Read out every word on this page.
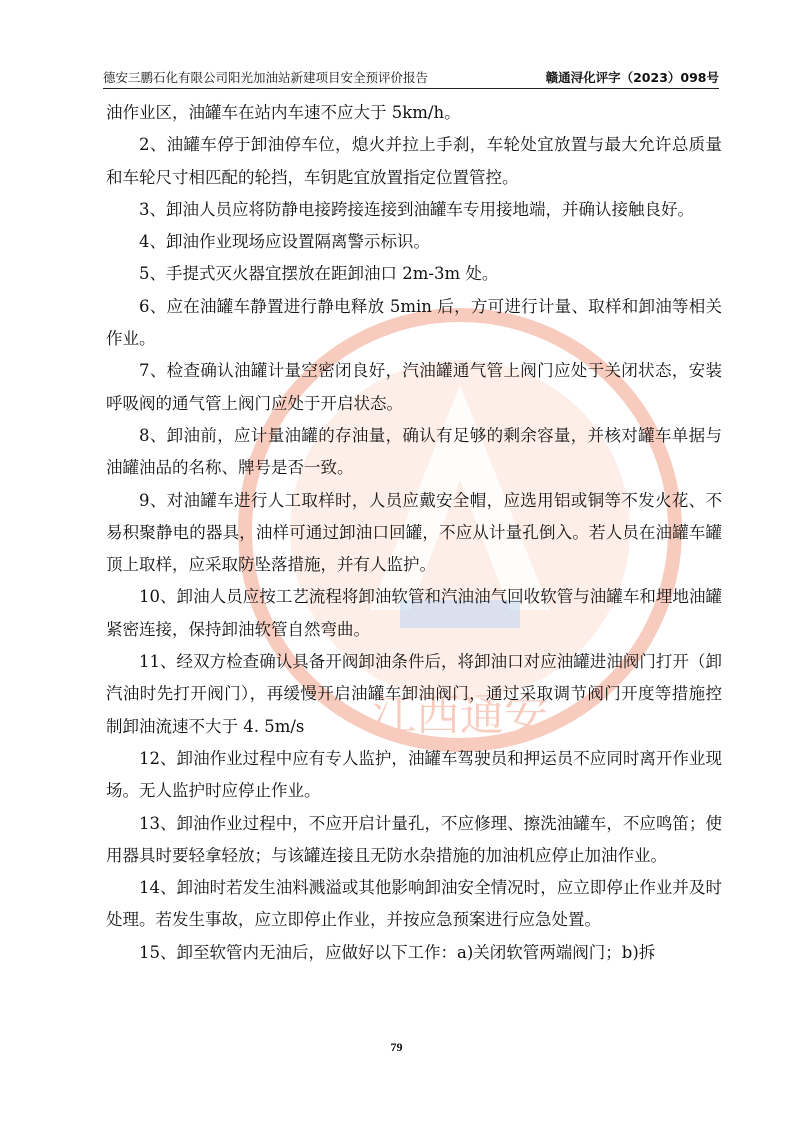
德安三鹏石化有限公司阳光加油站新建项目安全预评价报告	赣通浔化评字（2023）098号
江西通安

油作业区，油罐车在站内车速不应大于 5km/h。

2、油罐车停于卸油停车位，熄火并拉上手刹，车轮处宜放置与最大允许总质量和车轮尺寸相匹配的轮挡，车钥匙宜放置指定位置管控。

3、卸油人员应将防静电接跨接连接到油罐车专用接地端，并确认接触良好。

4、卸油作业现场应设置隔离警示标识。

5、手提式灭火器宜摆放在距卸油口 2m-3m 处。

6、应在油罐车静置进行静电释放 5min 后，方可进行计量、取样和卸油等相关作业。

7、检查确认油罐计量空密闭良好，汽油罐通气管上阀门应处于关闭状态，安装呼吸阀的通气管上阀门应处于开启状态。

8、卸油前，应计量油罐的存油量，确认有足够的剩余容量，并核对罐车单据与油罐油品的名称、牌号是否一致。

9、对油罐车进行人工取样时，人员应戴安全帽，应选用铝或铜等不发火花、不易积聚静电的器具，油样可通过卸油口回罐，不应从计量孔倒入。若人员在油罐车罐顶上取样，应采取防坠落措施，并有人监护。

10、卸油人员应按工艺流程将卸油软管和汽油油气回收软管与油罐车和埋地油罐紧密连接，保持卸油软管自然弯曲。

11、经双方检查确认具备开阀卸油条件后，将卸油口对应油罐进油阀门打开（卸汽油时先打开阀门），再缓慢开启油罐车卸油阀门，通过采取调节阀门开度等措施控制卸油流速不大于 4. 5m/s

12、卸油作业过程中应有专人监护，油罐车驾驶员和押运员不应同时离开作业现场。无人监护时应停止作业。

13、卸油作业过程中，不应开启计量孔，不应修理、擦洗油罐车，不应鸣笛；使用器具时要轻拿轻放；与该罐连接且无防水杂措施的加油机应停止加油作业。

14、卸油时若发生油料溅溢或其他影响卸油安全情况时，应立即停止作业并及时处理。若发生事故，应立即停止作业，并按应急预案进行应急处置。

15、卸至软管内无油后，应做好以下工作：a)关闭软管两端阀门；b)拆

79
